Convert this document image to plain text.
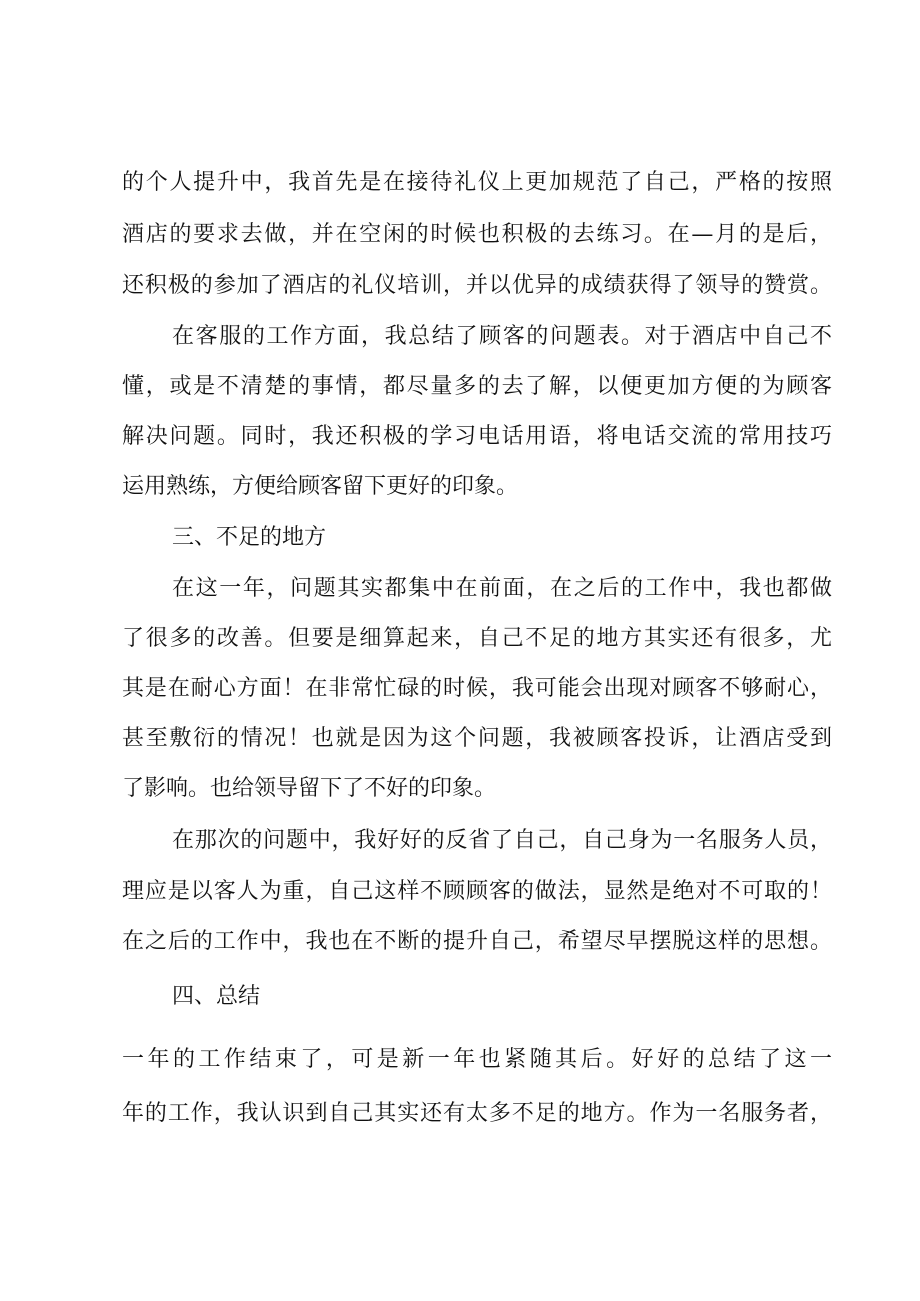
的个人提升中，我首先是在接待礼仪上更加规范了自己，严格的按照
酒店的要求去做，并在空闲的时候也积极的去练习。在—月的是后，
还积极的参加了酒店的礼仪培训，并以优异的成绩获得了领导的赞赏。
在客服的工作方面，我总结了顾客的问题表。对于酒店中自己不
懂，或是不清楚的事情，都尽量多的去了解，以便更加方便的为顾客
解决问题。同时，我还积极的学习电话用语，将电话交流的常用技巧
运用熟练，方便给顾客留下更好的印象。
三、不足的地方
在这一年，问题其实都集中在前面，在之后的工作中，我也都做
了很多的改善。但要是细算起来，自己不足的地方其实还有很多，尤
其是在耐心方面！在非常忙碌的时候，我可能会出现对顾客不够耐心，
甚至敷衍的情况！也就是因为这个问题，我被顾客投诉，让酒店受到
了影响。也给领导留下了不好的印象。
在那次的问题中，我好好的反省了自己，自己身为一名服务人员，
理应是以客人为重，自己这样不顾顾客的做法，显然是绝对不可取的！
在之后的工作中，我也在不断的提升自己，希望尽早摆脱这样的思想。
四、总结
一年的工作结束了，可是新一年也紧随其后。好好的总结了这一
年的工作，我认识到自己其实还有太多不足的地方。作为一名服务者，
